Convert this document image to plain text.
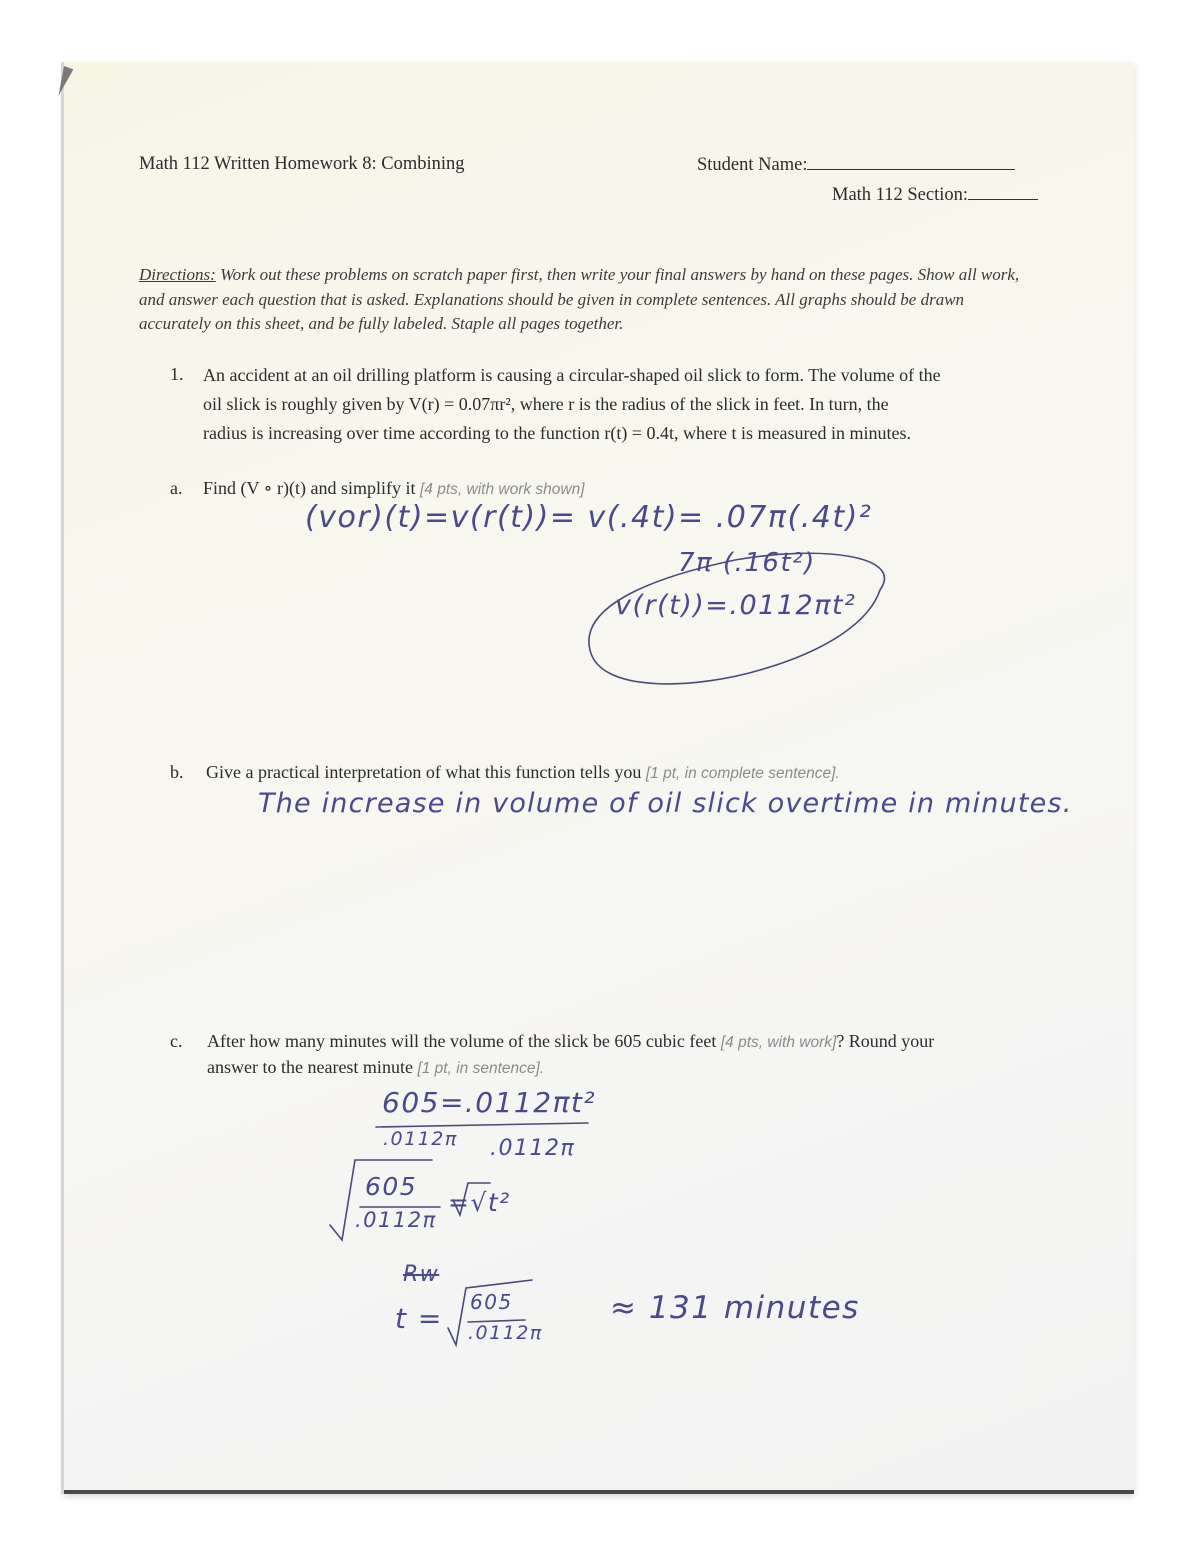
Math 112 Written Homework 8: Combining	Student Name:
Math 112 Section:
Directions: Work out these problems on scratch paper first, then write your final answers by hand on these pages. Show all work, and answer each question that is asked. Explanations should be given in complete sentences. All graphs should be drawn accurately on this sheet, and be fully labeled. Staple all pages together.
1. An accident at an oil drilling platform is causing a circular-shaped oil slick to form. The volume of the
oil slick is roughly given by V(r) = 0.07πr², where r is the radius of the slick in feet. In turn, the
radius is increasing over time according to the function r(t) = 0.4t, where t is measured in minutes.
a. Find (V ∘ r)(t) and simplify it [4 pts, with work shown]
(vor)(t)=v(r(t))= v(.4t)= .07π(.4t)²
7π (.16t²)
v(r(t))=.0112πt²
b. Give a practical interpretation of what this function tells you [1 pt, in complete sentence].
The increase in volume of oil slick overtime in minutes.
c. After how many minutes will the volume of the slick be 605 cubic feet [4 pts, with work]? Round your
answer to the nearest minute [1 pt, in sentence].
605=.0112πt²
.0112π .0112π
605
.0112π
=√t²
Rw
t = 605
.0112π
≈ 131 minutes
